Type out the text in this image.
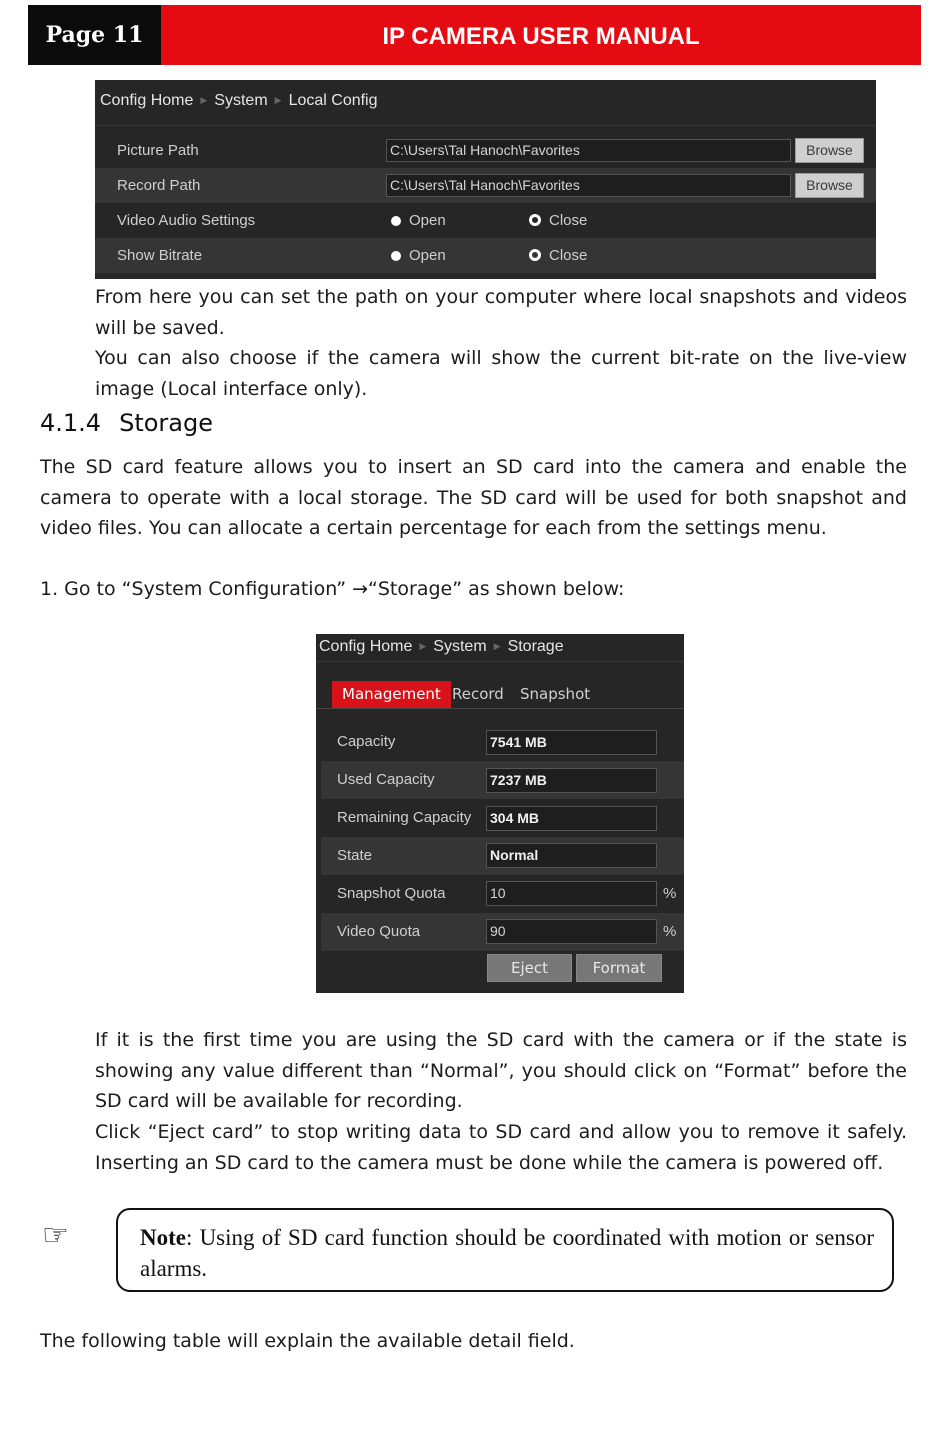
Page 11	IP CAMERA USER MANUAL
Config Home ▶ System ▶ Local Config
Picture Path	C:\Users\Tal Hanoch\Favorites	Browse
Record Path	C:\Users\Tal Hanoch\Favorites	Browse
Video Audio Settings	Open	Close
Show Bitrate	Open	Close

From here you can set the path on your computer where local snapshots and videos will be saved.

You can also choose if the camera will show the current bit-rate on the live-view image (Local interface only).

4.1.4 Storage

The SD card feature allows you to insert an SD card into the camera and enable the camera to operate with a local storage. The SD card will be used for both snapshot and video files. You can allocate a certain percentage for each from the settings menu.

1. Go to “System Configuration” →“Storage” as shown below:

Config Home ▶ System ▶ Storage
Management Record Snapshot
Capacity	7541 MB
Used Capacity	7237 MB
Remaining Capacity 304 MB
State	Normal
Snapshot Quota	10	%
Video Quota	90	%
Eject	Format

If it is the first time you are using the SD card with the camera or if the state is showing any value different than “Normal”, you should click on “Format” before the SD card will be available for recording.

Click “Eject card” to stop writing data to SD card and allow you to remove it safely. Inserting an SD card to the camera must be done while the camera is powered off.

☞	Note: Using of SD card function should be coordinated with motion or sensor alarms.

The following table will explain the available detail field.
